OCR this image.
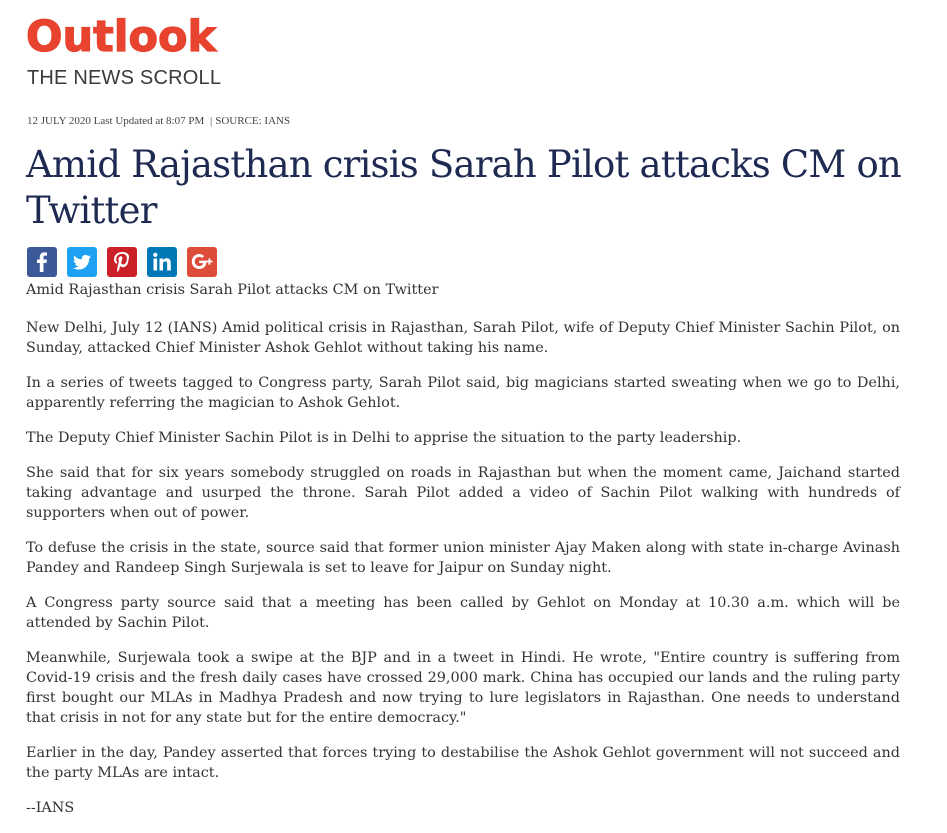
Outlook
THE NEWS SCROLL
12 JULY 2020 Last Updated at 8:07 PM | SOURCE: IANS
Amid Rajasthan crisis Sarah Pilot attacks CM on Twitter

Amid Rajasthan crisis Sarah Pilot attacks CM on Twitter

New Delhi, July 12 (IANS) Amid political crisis in Rajasthan, Sarah Pilot, wife of Deputy Chief Minister Sachin Pilot, on Sunday, attacked Chief Minister Ashok Gehlot without taking his name.

In a series of tweets tagged to Congress party, Sarah Pilot said, big magicians started sweating when we go to Delhi, apparently referring the magician to Ashok Gehlot.

The Deputy Chief Minister Sachin Pilot is in Delhi to apprise the situation to the party leadership.

She said that for six years somebody struggled on roads in Rajasthan but when the moment came, Jaichand started taking advantage and usurped the throne. Sarah Pilot added a video of Sachin Pilot walking with hundreds of supporters when out of power.

To defuse the crisis in the state, source said that former union minister Ajay Maken along with state in-charge Avinash Pandey and Randeep Singh Surjewala is set to leave for Jaipur on Sunday night.

A Congress party source said that a meeting has been called by Gehlot on Monday at 10.30 a.m. which will be attended by Sachin Pilot.

Meanwhile, Surjewala took a swipe at the BJP and in a tweet in Hindi. He wrote, "Entire country is suffering from Covid-19 crisis and the fresh daily cases have crossed 29,000 mark. China has occupied our lands and the ruling party first bought our MLAs in Madhya Pradesh and now trying to lure legislators in Rajasthan. One needs to understand that crisis in not for any state but for the entire democracy."

Earlier in the day, Pandey asserted that forces trying to destabilise the Ashok Gehlot government will not succeed and the party MLAs are intact.

--IANS
